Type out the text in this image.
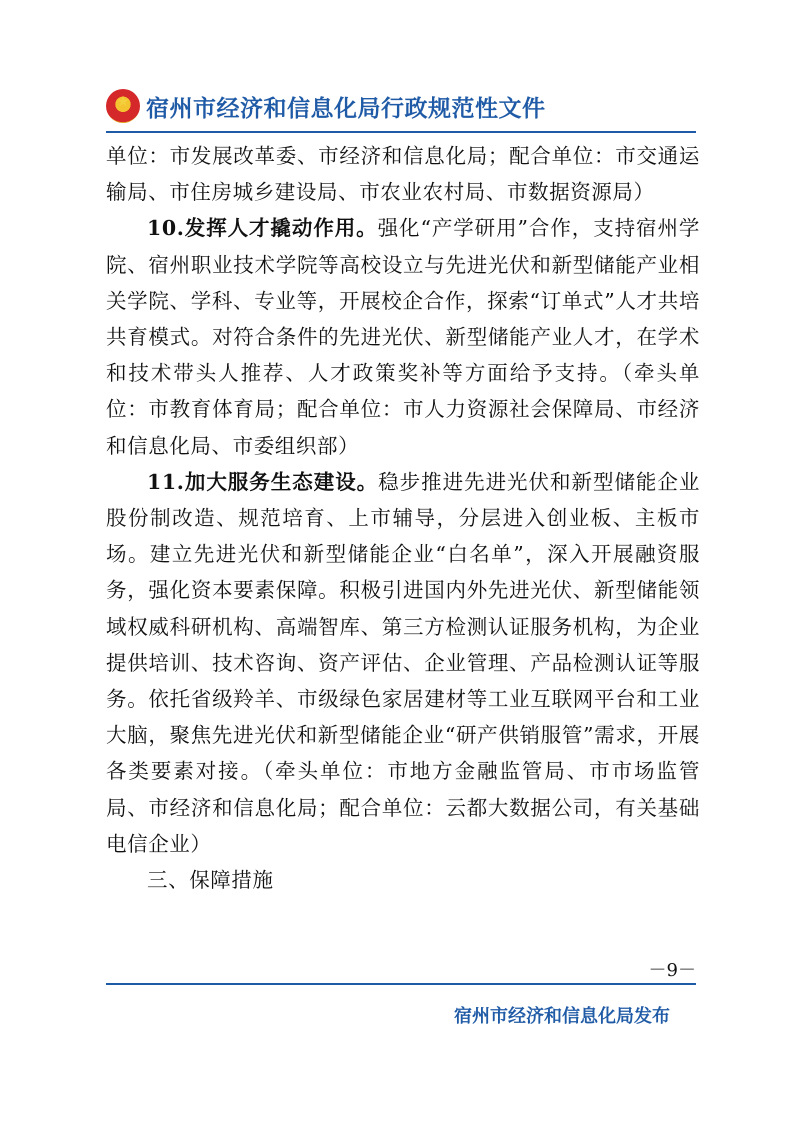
★
宿州市经济和信息化局行政规范性文件

单位：市发展改革委、市经济和信息化局；配合单位：市交通运输局、市住房城乡建设局、市农业农村局、市数据资源局）

10.发挥人才撬动作用。强化“产学研用”合作，支持宿州学院、宿州职业技术学院等高校设立与先进光伏和新型储能产业相关学院、学科、专业等，开展校企合作，探索“订单式”人才共培共育模式。对符合条件的先进光伏、新型储能产业人才，在学术和技术带头人推荐、人才政策奖补等方面给予支持。（牵头单位：市教育体育局；配合单位：市人力资源社会保障局、市经济和信息化局、市委组织部）

11.加大服务生态建设。稳步推进先进光伏和新型储能企业股份制改造、规范培育、上市辅导，分层进入创业板、主板市场。建立先进光伏和新型储能企业“白名单”，深入开展融资服务，强化资本要素保障。积极引进国内外先进光伏、新型储能领域权威科研机构、高端智库、第三方检测认证服务机构，为企业提供培训、技术咨询、资产评估、企业管理、产品检测认证等服务。依托省级羚羊、市级绿色家居建材等工业互联网平台和工业大脑，聚焦先进光伏和新型储能企业“研产供销服管”需求，开展各类要素对接。（牵头单位：市地方金融监管局、市市场监管局、市经济和信息化局；配合单位：云都大数据公司，有关基础电信企业）

三、保障措施

－9－
宿州市经济和信息化局发布
